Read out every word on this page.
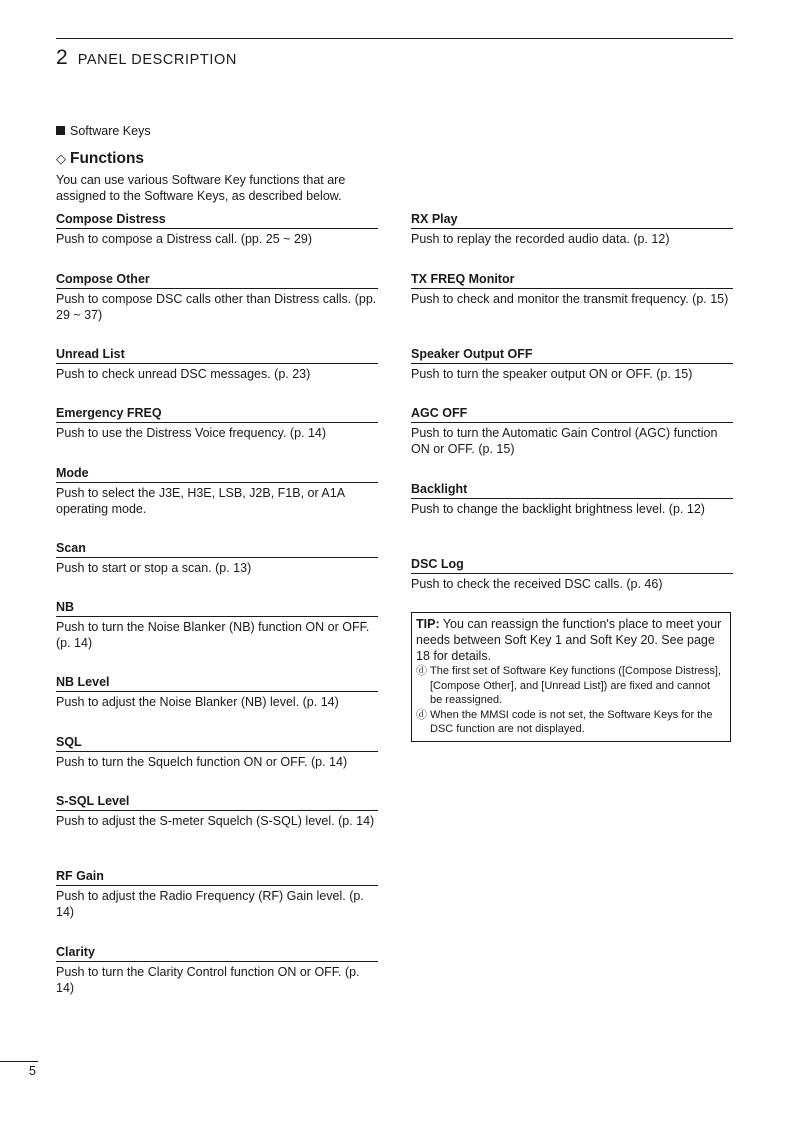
2 PANEL DESCRIPTION
Software Keys
◇ Functions
You can use various Software Key functions that are assigned to the Software Keys, as described below.
Compose Distress
Push to compose a Distress call. (pp. 25 ~ 29)
Compose Other
Push to compose DSC calls other than Distress calls. (pp. 29 ~ 37)
Unread List
Push to check unread DSC messages. (p. 23)
Emergency FREQ
Push to use the Distress Voice frequency. (p. 14)
Mode
Push to select the J3E, H3E, LSB, J2B, F1B, or A1A operating mode.
Scan
Push to start or stop a scan. (p. 13)
NB
Push to turn the Noise Blanker (NB) function ON or OFF. (p. 14)
NB Level
Push to adjust the Noise Blanker (NB) level. (p. 14)
SQL
Push to turn the Squelch function ON or OFF. (p. 14)
S-SQL Level
Push to adjust the S-meter Squelch (S-SQL) level. (p. 14)
RF Gain
Push to adjust the Radio Frequency (RF) Gain level. (p. 14)
Clarity
Push to turn the Clarity Control function ON or OFF. (p. 14)
RX Play
Push to replay the recorded audio data. (p. 12)
TX FREQ Monitor
Push to check and monitor the transmit frequency. (p. 15)
Speaker Output OFF
Push to turn the speaker output ON or OFF. (p. 15)
AGC OFF
Push to turn the Automatic Gain Control (AGC) function ON or OFF. (p. 15)
Backlight
Push to change the backlight brightness level. (p. 12)
DSC Log
Push to check the received DSC calls. (p. 46)
TIP: You can reassign the function's place to meet your needs between Soft Key 1 and Soft Key 20. See page 18 for details.
ⓓ The first set of Software Key functions ([Compose Distress], [Compose Other], and [Unread List]) are fixed and cannot be reassigned.
ⓓ When the MMSI code is not set, the Software Keys for the DSC function are not displayed.
5
